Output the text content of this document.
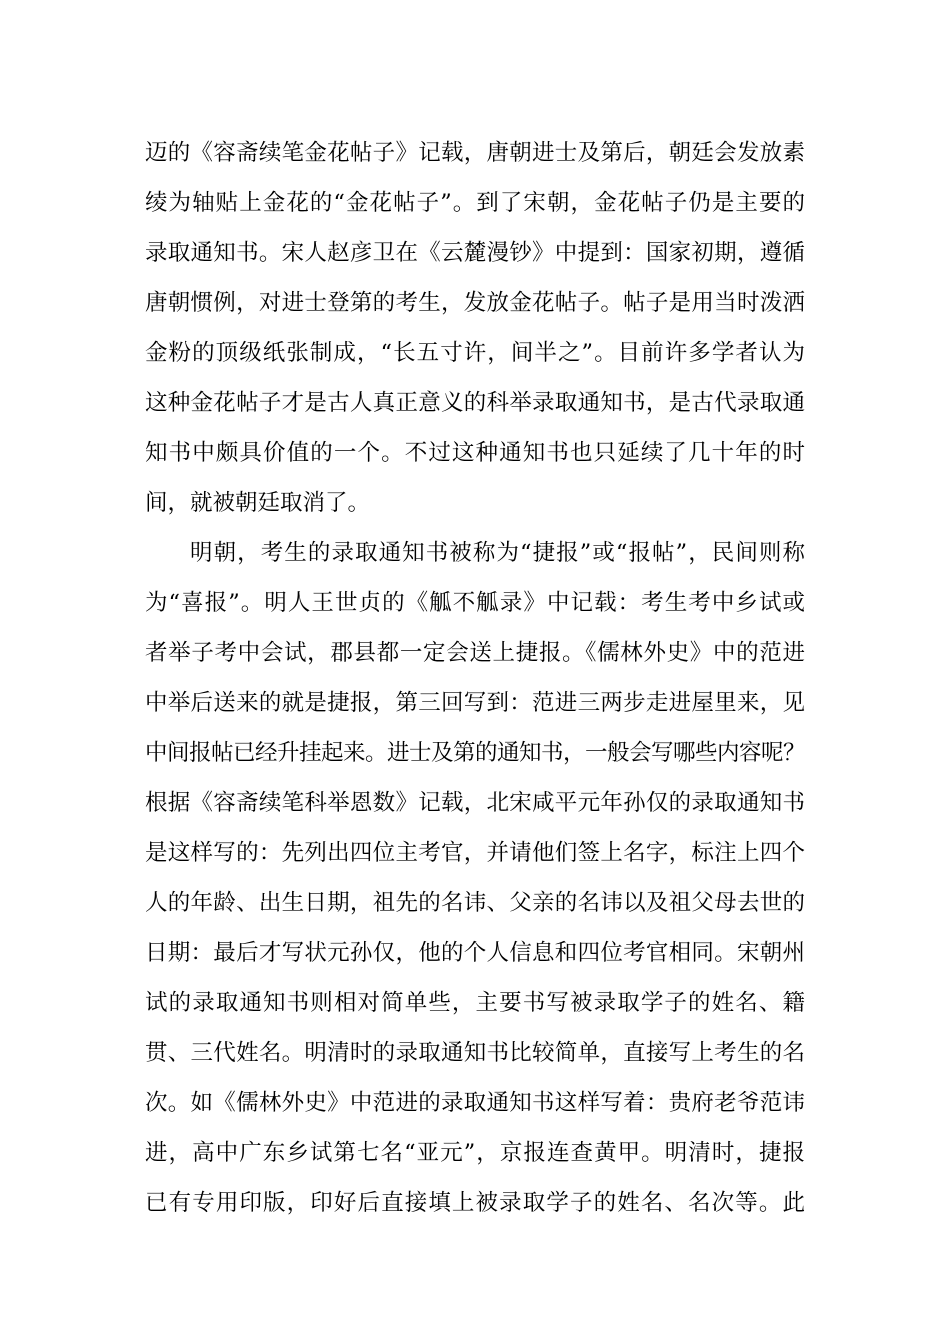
迈的《容斋续笔金花帖子》记载，唐朝进士及第后，朝廷会发放素
绫为轴贴上金花的“金花帖子”。到了宋朝，金花帖子仍是主要的
录取通知书。宋人赵彦卫在《云麓漫钞》中提到：国家初期，遵循
唐朝惯例，对进士登第的考生，发放金花帖子。帖子是用当时泼洒
金粉的顶级纸张制成，“长五寸许，间半之”。目前许多学者认为
这种金花帖子才是古人真正意义的科举录取通知书，是古代录取通
知书中颇具价值的一个。不过这种通知书也只延续了几十年的时
间，就被朝廷取消了。
明朝，考生的录取通知书被称为“捷报”或“报帖”，民间则称
为“喜报”。明人王世贞的《觚不觚录》中记载：考生考中乡试或
者举子考中会试，郡县都一定会送上捷报。《儒林外史》中的范进
中举后送来的就是捷报，第三回写到：范进三两步走进屋里来，见
中间报帖已经升挂起来。进士及第的通知书，一般会写哪些内容呢？
根据《容斋续笔科举恩数》记载，北宋咸平元年孙仅的录取通知书
是这样写的：先列出四位主考官，并请他们签上名字，标注上四个
人的年龄、出生日期，祖先的名讳、父亲的名讳以及祖父母去世的
日期：最后才写状元孙仅，他的个人信息和四位考官相同。宋朝州
试的录取通知书则相对简单些，主要书写被录取学子的姓名、籍
贯、三代姓名。明清时的录取通知书比较简单，直接写上考生的名
次。如《儒林外史》中范进的录取通知书这样写着：贵府老爷范讳
进，高中广东乡试第七名“亚元”，京报连查黄甲。明清时，捷报
已有专用印版，印好后直接填上被录取学子的姓名、名次等。此
